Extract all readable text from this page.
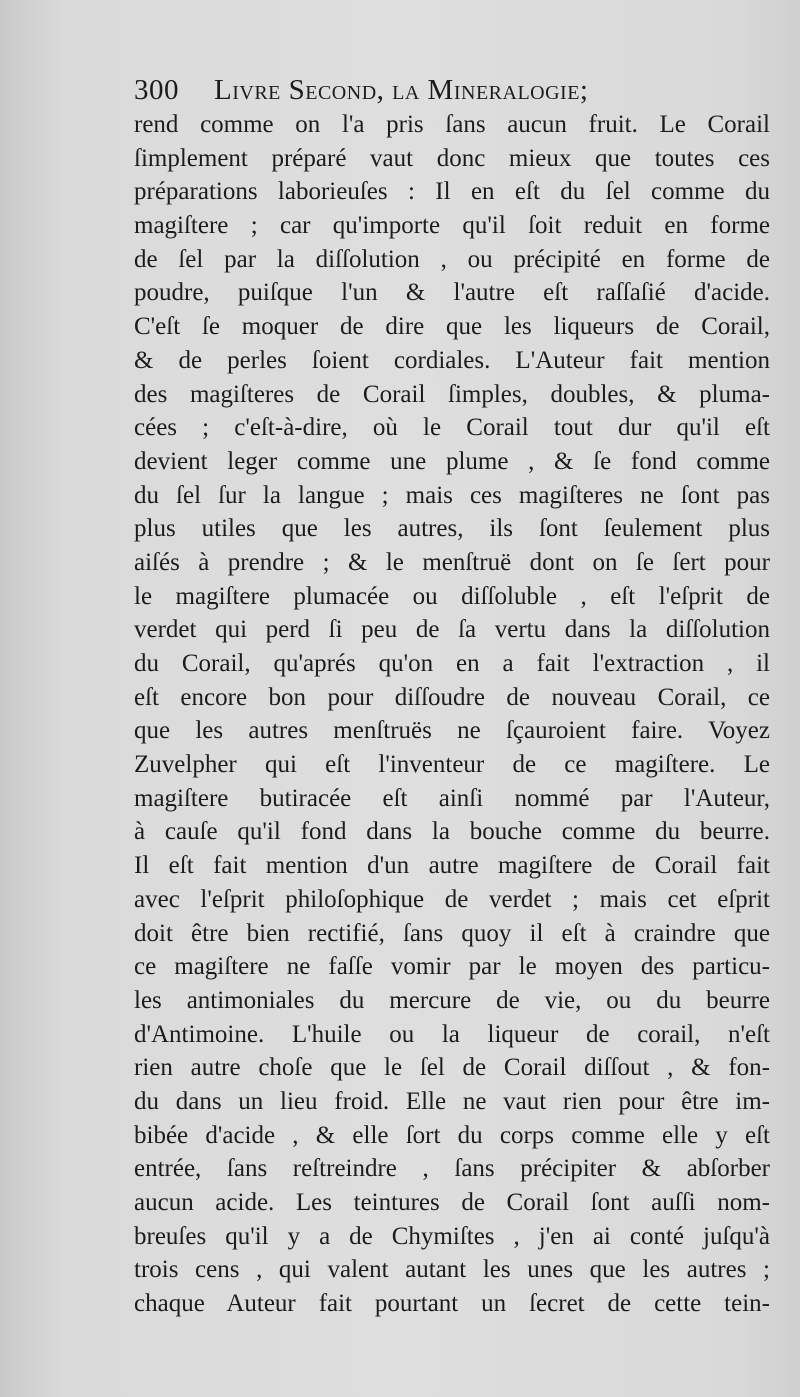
300 Livre Second, la Mineralogie;
rend comme on l'a pris ſans aucun fruit. Le Corail
ſimplement préparé vaut donc mieux que toutes ces
préparations laborieuſes : Il en eſt du ſel comme du
magiſtere ; car qu'importe qu'il ſoit reduit en forme
de ſel par la diſſolution , ou précipité en forme de
poudre, puiſque l'un & l'autre eſt raſſaſié d'acide.
C'eſt ſe moquer de dire que les liqueurs de Corail,
& de perles ſoient cordiales. L'Auteur fait mention
des magiſteres de Corail ſimples, doubles, & pluma-
cées ; c'eſt-à-dire, où le Corail tout dur qu'il eſt
devient leger comme une plume , & ſe fond comme
du ſel ſur la langue ; mais ces magiſteres ne ſont pas
plus utiles que les autres, ils ſont ſeulement plus
aiſés à prendre ; & le menſtruë dont on ſe ſert pour
le magiſtere plumacée ou diſſoluble , eſt l'eſprit de
verdet qui perd ſi peu de ſa vertu dans la diſſolution
du Corail, qu'aprés qu'on en a fait l'extraction , il
eſt encore bon pour diſſoudre de nouveau Corail, ce
que les autres menſtruës ne ſçauroient faire. Voyez
Zuvelpher qui eſt l'inventeur de ce magiſtere. Le
magiſtere butiracée eſt ainſi nommé par l'Auteur,
à cauſe qu'il fond dans la bouche comme du beurre.
Il eſt fait mention d'un autre magiſtere de Corail fait
avec l'eſprit philoſophique de verdet ; mais cet eſprit
doit être bien rectifié, ſans quoy il eſt à craindre que
ce magiſtere ne faſſe vomir par le moyen des particu-
les antimoniales du mercure de vie, ou du beurre
d'Antimoine. L'huile ou la liqueur de corail, n'eſt
rien autre choſe que le ſel de Corail diſſout , & fon-
du dans un lieu froid. Elle ne vaut rien pour être im-
bibée d'acide , & elle ſort du corps comme elle y eſt
entrée, ſans reſtreindre , ſans précipiter & abſorber
aucun acide. Les teintures de Corail ſont auſſi nom-
breuſes qu'il y a de Chymiſtes , j'en ai conté juſqu'à
trois cens , qui valent autant les unes que les autres ;
chaque Auteur fait pourtant un ſecret de cette tein-
